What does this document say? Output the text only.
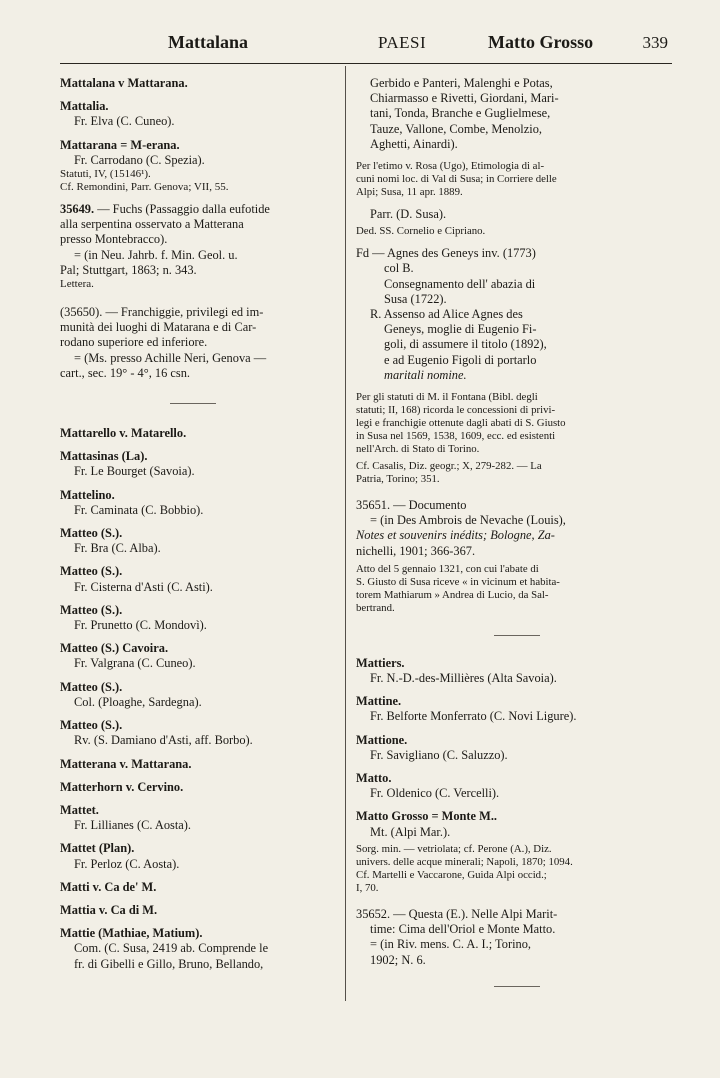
Mattalana	PAESI	Matto Grosso	339
Mattalana v Mattarana.
Mattalia.
Fr. Elva (C. Cuneo).
Mattarana = M-erana.
Fr. Carrodano (C. Spezia).
Statuti, IV, (15146¹).
Cf. Remondini, Parr. Genova; VII, 55.
35649. — Fuchs (Passaggio dalla eufotide
alla serpentina osservato a Matterana
presso Montebracco).
= (in Neu. Jahrb. f. Min. Geol. u.
Pal; Stuttgart, 1863; n. 343.
Lettera.
(35650). — Franchiggie, privilegi ed im-
munità dei luoghi di Matarana e di Car-
rodano superiore ed inferiore.
= (Ms. presso Achille Neri, Genova —
cart., sec. 19° - 4°, 16 csn.
Mattarello v. Matarello.
Mattasinas (La).
Fr. Le Bourget (Savoia).
Mattelino.
Fr. Caminata (C. Bobbio).
Matteo (S.).
Fr. Bra (C. Alba).
Matteo (S.).
Fr. Cisterna d'Asti (C. Asti).
Matteo (S.).
Fr. Prunetto (C. Mondovì).
Matteo (S.) Cavoira.
Fr. Valgrana (C. Cuneo).
Matteo (S.).
Col. (Ploaghe, Sardegna).
Matteo (S.).
Rv. (S. Damiano d'Asti, aff. Borbo).
Matterana v. Mattarana.
Matterhorn v. Cervino.
Mattet.
Fr. Lillianes (C. Aosta).
Mattet (Plan).
Fr. Perloz (C. Aosta).
Matti v. Ca de' M.
Mattia v. Ca di M.
Mattie (Mathiae, Matium).
Com. (C. Susa, 2419 ab. Comprende le
fr. di Gibelli e Gillo, Bruno, Bellando,
Gerbido e Panteri, Malenghi e Potas,
Chiarmasso e Rivetti, Giordani, Mari-
tani, Tonda, Branche e Guglielmese,
Tauze, Vallone, Combe, Menolzio,
Aghetti, Ainardi).
Per l'etimo v. Rosa (Ugo), Etimologia di al-
cuni nomi loc. di Val di Susa; in Corriere delle
Alpi; Susa, 11 apr. 1889.
Parr. (D. Susa).
Ded. SS. Cornelio e Cipriano.
Fd — Agnes des Geneys inv. (1773)
col B.
Consegnamento dell' abazia di
Susa (1722).
R. Assenso ad Alice Agnes des
Geneys, moglie di Eugenio Fi-
goli, di assumere il titolo (1892),
e ad Eugenio Figoli di portarlo
maritali nomine.
Per gli statuti di M. il Fontana (Bibl. degli
statuti; II, 168) ricorda le concessioni di privi-
legi e franchigie ottenute dagli abati di S. Giusto
in Susa nel 1569, 1538, 1609, ecc. ed esistenti
nell'Arch. di Stato di Torino.
Cf. Casalis, Diz. geogr.; X, 279-282. — La
Patria, Torino; 351.
35651. — Documento
= (in Des Ambrois de Nevache (Louis),
Notes et souvenirs inédits; Bologne, Za-
nichelli, 1901; 366-367.
Atto del 5 gennaio 1321, con cui l'abate di
S. Giusto di Susa riceve « in vicinum et habita-
torem Mathiarum » Andrea di Lucio, da Sal-
bertrand.
Mattiers.
Fr. N.-D.-des-Millières (Alta Savoia).
Mattine.
Fr. Belforte Monferrato (C. Novi Ligure).
Mattione.
Fr. Savigliano (C. Saluzzo).
Matto.
Fr. Oldenico (C. Vercelli).
Matto Grosso = Monte M..
Mt. (Alpi Mar.).
Sorg. min. — vetriolata; cf. Perone (A.), Diz.
univers. delle acque minerali; Napoli, 1870; 1094.
Cf. Martelli e Vaccarone, Guida Alpi occid.;
I, 70.
35652. — Questa (E.). Nelle Alpi Marit-
time: Cima dell'Oriol e Monte Matto.
= (in Riv. mens. C. A. I.; Torino,
1902; N. 6.
